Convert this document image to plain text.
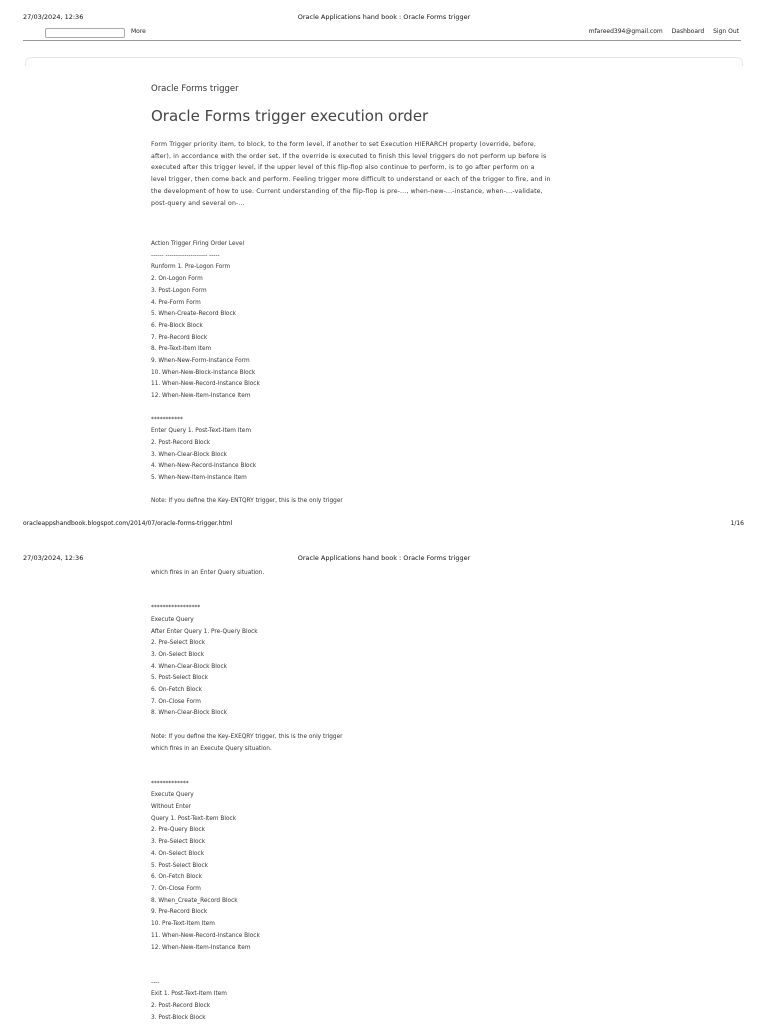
27/03/2024, 12:36	Oracle Applications hand book : Oracle Forms trigger
More	mfareed394@gmail.com Dashboard Sign Out
Oracle Forms trigger
Oracle Forms trigger execution order
Form Trigger priority item, to block, to the form level, if another to set Execution HIERARCH property (override, before, after), in accordance with the order set. If the override is executed to finish this level triggers do not perform up before is executed after this trigger level, if the upper level of this flip-flop also continue to perform, is to go after perform on a level trigger, then come back and perform. Feeling trigger more difficult to understand or each of the trigger to fire, and in the development of how to use. Current understanding of the flip-flop is pre-..., when-new-...-instance, when-...-validate, post-query and several on-...
Action Trigger Firing Order Level
------ -------------------- -----
Runform 1. Pre-Logon Form
2. On-Logon Form
3. Post-Logon Form
4. Pre-Form Form
5. When-Create-Record Block
6. Pre-Block Block
7. Pre-Record Block
8. Pre-Text-Item Item
9. When-New-Form-Instance Form
10. When-New-Block-Instance Block
11. When-New-Record-Instance Block
12. When-New-Item-Instance Item

***********
Enter Query 1. Post-Text-Item Item
2. Post-Record Block
3. When-Clear-Block Block
4. When-New-Record-Instance Block
5. When-New-Item-Instance Item

Note: If you define the Key-ENTQRY trigger, this is the only trigger
oracleappshandbook.blogspot.com/2014/07/oracle-forms-trigger.html	1/16
27/03/2024, 12:36	Oracle Applications hand book : Oracle Forms trigger
which fires in an Enter Query situation.

*****************
Execute Query
After Enter Query 1. Pre-Query Block
2. Pre-Select Block
3. On-Select Block
4. When-Clear-Block Block
5. Post-Select Block
6. On-Fetch Block
7. On-Close Form
8. When-Clear-Block Block

Note: If you define the Key-EXEQRY trigger, this is the only trigger
which fires in an Execute Query situation.

*************
Execute Query
Without Enter
Query 1. Post-Text-Item Block
2. Pre-Query Block
3. Pre-Select Block
4. On-Select Block
5. Post-Select Block
6. On-Fetch Block
7. On-Close Form
8. When_Create_Record Block
9. Pre-Record Block
10. Pre-Text-Item Item
11. When-New-Record-Instance Block
12. When-New-Item-Instance Item

----
Exit 1. Post-Text-Item Item
2. Post-Record Block
3. Post-Block Block
